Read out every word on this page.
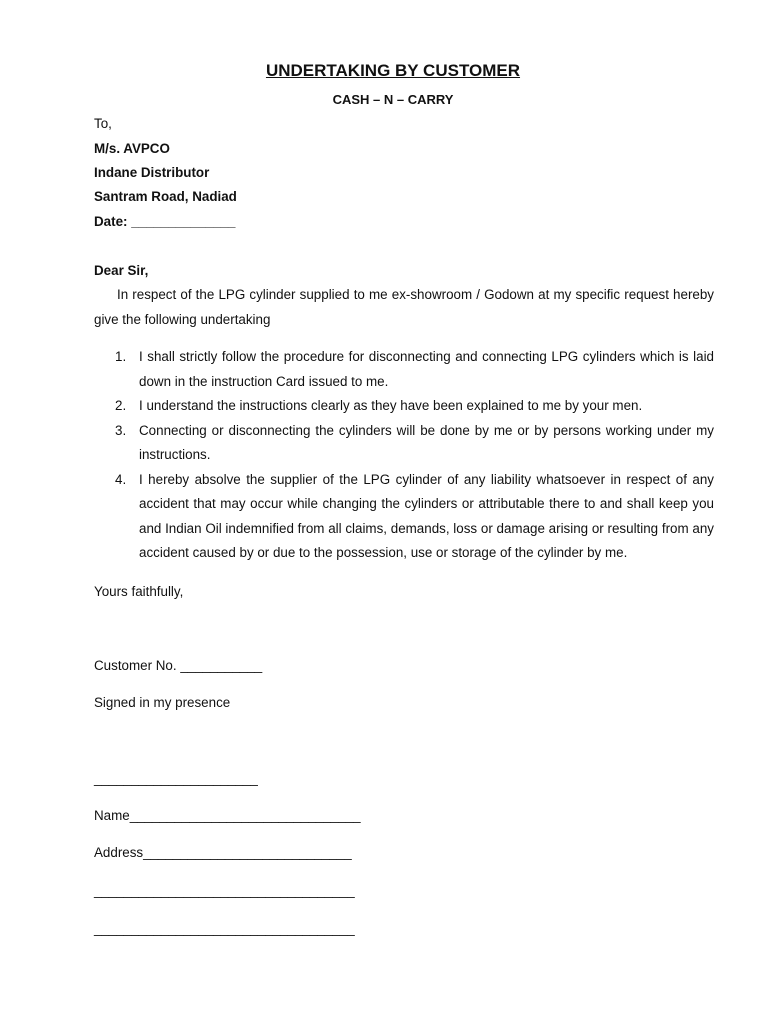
UNDERTAKING BY CUSTOMER
CASH – N – CARRY
To,
M/s. AVPCO
Indane Distributor
Santram Road, Nadiad
Date: ______________
Dear Sir,
In respect of the LPG cylinder supplied to me ex-showroom / Godown at my specific request hereby give the following undertaking
1. I shall strictly follow the procedure for disconnecting and connecting LPG cylinders which is laid down in the instruction Card issued to me.
2. I understand the instructions clearly as they have been explained to me by your men.
3. Connecting or disconnecting the cylinders will be done by me or by persons working under my instructions.
4. I hereby absolve the supplier of the LPG cylinder of any liability whatsoever in respect of any accident that may occur while changing the cylinders or attributable there to and shall keep you and Indian Oil indemnified from all claims, demands, loss or damage arising or resulting from any accident caused by or due to the possession, use or storage of the cylinder by me.
Yours faithfully,
Customer No. ___________
Signed in my presence
______________________
Name_______________________________
Address____________________________
___________________________________
___________________________________
